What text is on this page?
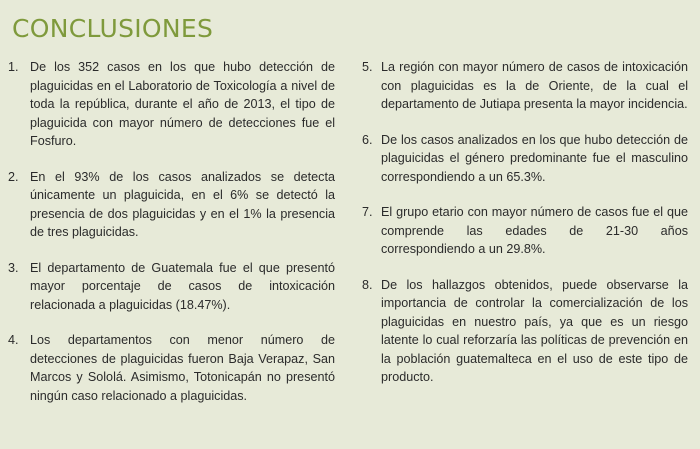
CONCLUSIONES
1. De los 352 casos en los que hubo detección de plaguicidas en el Laboratorio de Toxicología a nivel de toda la república, durante el año de 2013, el tipo de plaguicida con mayor número de detecciones fue el Fosfuro.
2. En el 93% de los casos analizados se detecta únicamente un plaguicida, en el 6% se detectó la presencia de dos plaguicidas y en el 1% la presencia de tres plaguicidas.
3. El departamento de Guatemala fue el que presentó mayor porcentaje de casos de intoxicación relacionada a plaguicidas (18.47%).
4. Los departamentos con menor número de detecciones de plaguicidas fueron Baja Verapaz, San Marcos y Sololá. Asimismo, Totonicapán no presentó ningún caso relacionado a plaguicidas.
5. La región con mayor número de casos de intoxicación con plaguicidas es la de Oriente, de la cual el departamento de Jutiapa presenta la mayor incidencia.
6. De los casos analizados en los que hubo detección de plaguicidas el género predominante fue el masculino correspondiendo a un 65.3%.
7. El grupo etario con mayor número de casos fue el que comprende las edades de 21-30 años correspondiendo a un 29.8%.
8. De los hallazgos obtenidos, puede observarse la importancia de controlar la comercialización de los plaguicidas en nuestro país, ya que es un riesgo latente lo cual reforzaría las políticas de prevención en la población guatemalteca en el uso de este tipo de producto.
